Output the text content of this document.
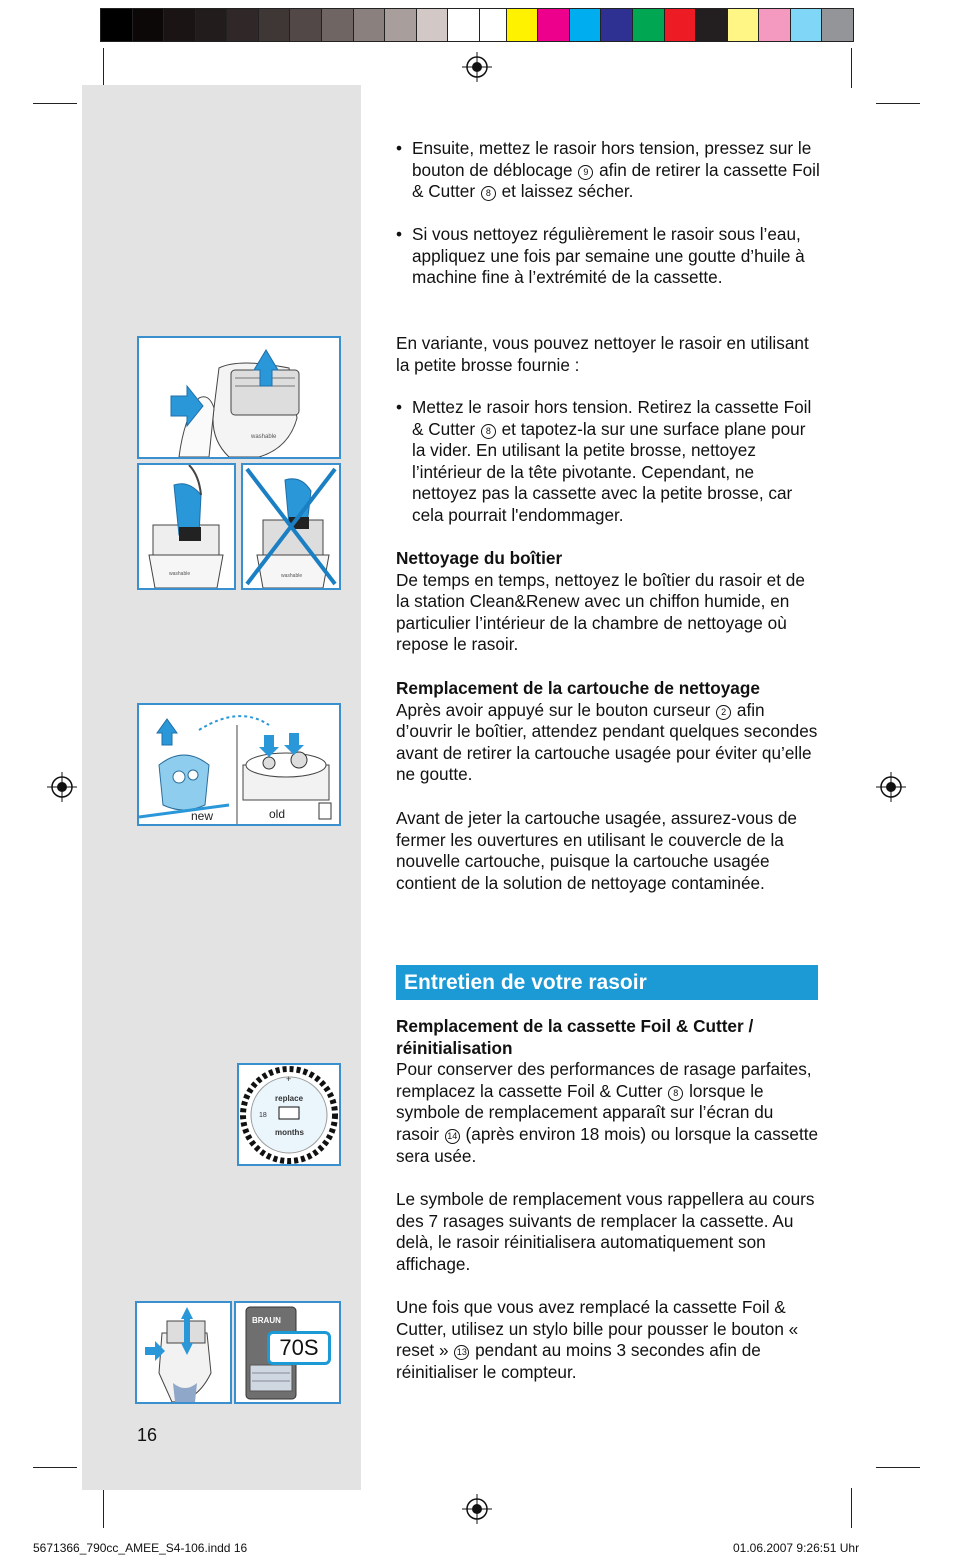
washable
washable	washable
new	old
replace
months
18
+
BRAUN
70S

• Ensuite, mettez le rasoir hors tension, pressez sur le bouton de déblocage 9 afin de retirer la cassette Foil & Cutter 8 et laissez sécher.

• Si vous nettoyez régulièrement le rasoir sous l’eau, appliquez une fois par semaine une goutte d’huile à machine fine à l’extrémité de la cassette.

En variante, vous pouvez nettoyer le rasoir en utilisant la petite brosse fournie :

• Mettez le rasoir hors tension. Retirez la cassette Foil & Cutter 8 et tapotez-la sur une surface plane pour la vider. En utilisant la petite brosse, nettoyez l’intérieur de la tête pivotante. Cependant, ne nettoyez pas la cassette avec la petite brosse, car cela pourrait l'endommager.

Nettoyage du boîtier

De temps en temps, nettoyez le boîtier du rasoir et de la station Clean&Renew avec un chiffon humide, en particulier l’intérieur de la chambre de nettoyage où repose le rasoir.

Remplacement de la cartouche de nettoyage

Après avoir appuyé sur le bouton curseur 2 afin d’ouvrir le boîtier, attendez pendant quelques secondes avant de retirer la cartouche usagée pour éviter qu’elle ne goutte.

Avant de jeter la cartouche usagée, assurez-vous de fermer les ouvertures en utilisant le couvercle de la nouvelle cartouche, puisque la cartouche usagée contient de la solution de nettoyage contaminée.

Entretien de votre rasoir

Remplacement de la cassette Foil & Cutter / réinitialisation

Pour conserver des performances de rasage parfaites, remplacez la cassette Foil & Cutter 8 lorsque le symbole de remplacement apparaît sur l’écran du rasoir 14 (après environ 18 mois) ou lorsque la cassette sera usée.

Le symbole de remplacement vous rappellera au cours des 7 rasages suivants de remplacer la cassette. Au delà, le rasoir réinitialisera automatiquement son affichage.

Une fois que vous avez remplacé la cassette Foil & Cutter, utilisez un stylo bille pour pousser le bouton « reset » 13 pendant au moins 3 secondes afin de réinitialiser le compteur.

16
5671366_790cc_AMEE_S4-106.indd 16	01.06.2007 9:26:51 Uhr
